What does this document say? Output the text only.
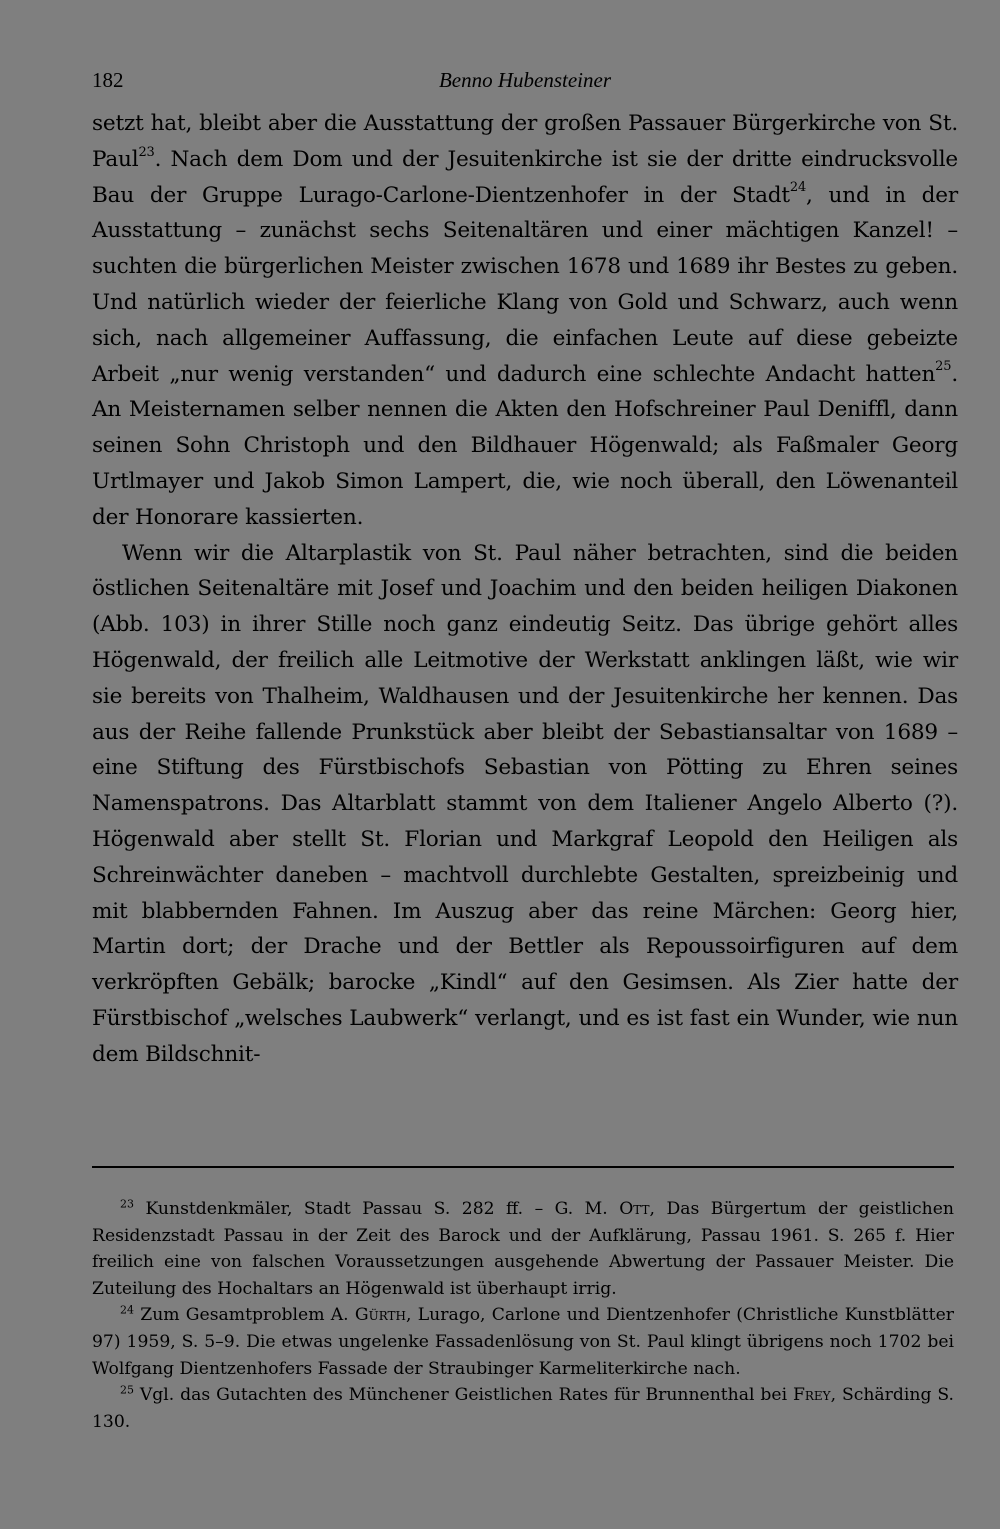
182	Benno Hubensteiner

setzt hat, bleibt aber die Ausstattung der großen Passauer Bürgerkirche von St. Paul$^{23}$. Nach dem Dom und der Jesuitenkirche ist sie der dritte eindrucksvolle Bau der Gruppe Lurago-Carlone-Dientzenhofer in der Stadt$^{24}$, und in der Ausstattung – zunächst sechs Seitenaltären und einer mächtigen Kanzel! – suchten die bürgerlichen Meister zwischen 1678 und 1689 ihr Bestes zu geben. Und natürlich wieder der feierliche Klang von Gold und Schwarz, auch wenn sich, nach allgemeiner Auffassung, die einfachen Leute auf diese gebeizte Arbeit „nur wenig verstanden“ und dadurch eine schlechte Andacht hatten$^{25}$. An Meisternamen selber nennen die Akten den Hofschreiner Paul Deniffl, dann seinen Sohn Christoph und den Bildhauer Högenwald; als Faßmaler Georg Urtlmayer und Jakob Simon Lampert, die, wie noch überall, den Löwenanteil der Honorare kassierten.

Wenn wir die Altarplastik von St. Paul näher betrachten, sind die beiden östlichen Seitenaltäre mit Josef und Joachim und den beiden heiligen Diakonen (Abb. 103) in ihrer Stille noch ganz eindeutig Seitz. Das übrige gehört alles Högenwald, der freilich alle Leitmotive der Werkstatt anklingen läßt, wie wir sie bereits von Thalheim, Waldhausen und der Jesuitenkirche her kennen. Das aus der Reihe fallende Prunkstück aber bleibt der Sebastiansaltar von 1689 – eine Stiftung des Fürstbischofs Sebastian von Pötting zu Ehren seines Namenspatrons. Das Altarblatt stammt von dem Italiener Angelo Alberto (?). Högenwald aber stellt St. Florian und Markgraf Leopold den Heiligen als Schreinwächter daneben – machtvoll durchlebte Gestalten, spreizbeinig und mit blabbernden Fahnen. Im Auszug aber das reine Märchen: Georg hier, Martin dort; der Drache und der Bettler als Repoussoirfiguren auf dem verkröpften Gebälk; barocke „Kindl“ auf den Gesimsen. Als Zier hatte der Fürstbischof „welsches Laubwerk“ verlangt, und es ist fast ein Wunder, wie nun dem Bildschnit-

$^{23}$ Kunstdenkmäler, Stadt Passau S. 282 ff. – G. M. Ott, Das Bürgertum der geistlichen Residenzstadt Passau in der Zeit des Barock und der Aufklärung, Passau 1961. S. 265 f. Hier freilich eine von falschen Voraussetzungen ausgehende Abwertung der Passauer Meister. Die Zuteilung des Hochaltars an Högenwald ist überhaupt irrig.

$^{24}$ Zum Gesamtproblem A. Gürth, Lurago, Carlone und Dientzenhofer (Christliche Kunstblätter 97) 1959, S. 5–9. Die etwas ungelenke Fassadenlösung von St. Paul klingt übrigens noch 1702 bei Wolfgang Dientzenhofers Fassade der Straubinger Karmeliterkirche nach.

$^{25}$ Vgl. das Gutachten des Münchener Geistlichen Rates für Brunnenthal bei Frey, Schärding S. 130.
